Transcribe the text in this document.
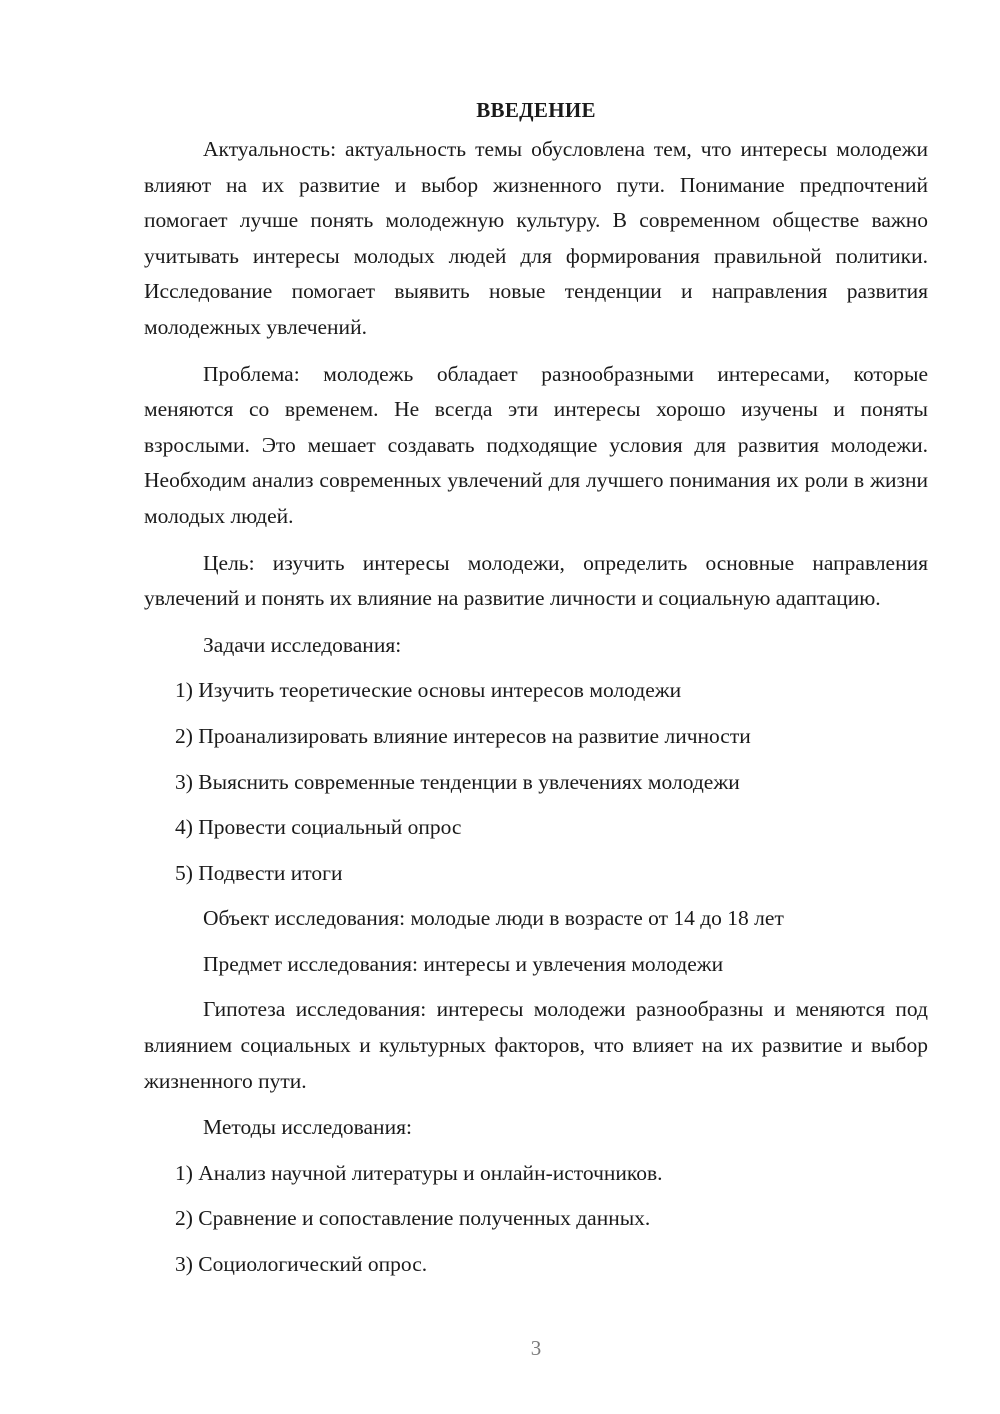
ВВЕДЕНИЕ

Актуальность: актуальность темы обусловлена тем, что интересы молодежи влияют на их развитие и выбор жизненного пути. Понимание предпочтений помогает лучше понять молодежную культуру. В современном обществе важно учитывать интересы молодых людей для формирования правильной политики. Исследование помогает выявить новые тенденции и направления развития молодежных увлечений.

Проблема: молодежь обладает разнообразными интересами, которые меняются со временем. Не всегда эти интересы хорошо изучены и поняты взрослыми. Это мешает создавать подходящие условия для развития молодежи. Необходим анализ современных увлечений для лучшего понимания их роли в жизни молодых людей.

Цель: изучить интересы молодежи, определить основные направления увлечений и понять их влияние на развитие личности и социальную адаптацию.

Задачи исследования:
1) Изучить теоретические основы интересов молодежи
2) Проанализировать влияние интересов на развитие личности
3) Выяснить современные тенденции в увлечениях молодежи
4) Провести социальный опрос
5) Подвести итоги
Объект исследования: молодые люди в возрасте от 14 до 18 лет
Предмет исследования: интересы и увлечения молодежи

Гипотеза исследования: интересы молодежи разнообразны и меняются под влиянием социальных и культурных факторов, что влияет на их развитие и выбор жизненного пути.

Методы исследования:
1) Анализ научной литературы и онлайн-источников.
2) Сравнение и сопоставление полученных данных.
3) Социологический опрос.
3
